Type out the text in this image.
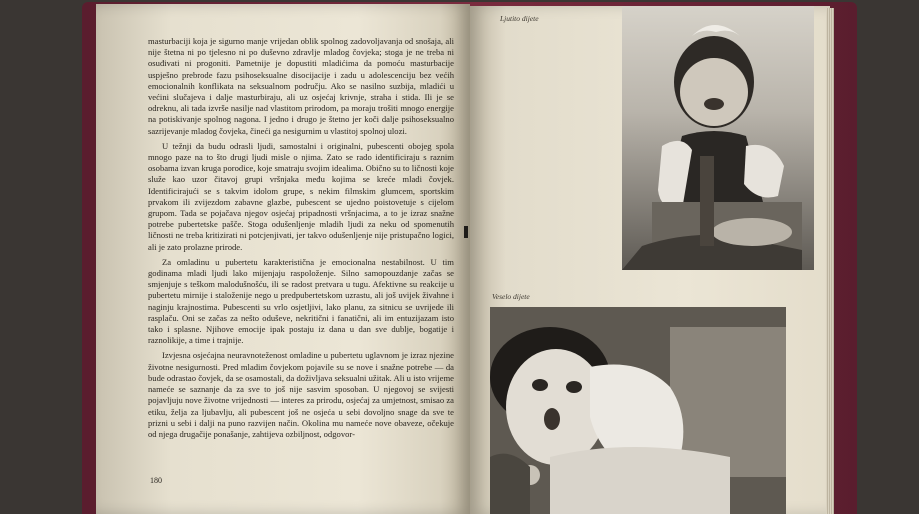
masturbaciji koja je sigurno manje vrijedan oblik spolnog zadovoljavanja od snošaja, ali nije štetna ni po tjelesno ni po duševno zdravlje mladog čovjeka; stoga je ne treba ni osuđivati ni progoniti. Pametnije je dopustiti mladićima da pomoću masturbacije uspješno prebrode fazu psihoseksualne disocijacije i zadu u adolescenciju bez većih emocionalnih konflikata na seksualnom području. Ako se nasilno suzbija, mladići u većini slučajeva i dalje masturbiraju, ali uz osjećaj krivnje, straha i stida. Ili je se odreknu, ali tada izvrše nasilje nad vlastitom prirodom, pa moraju trošiti mnogo energije na potiskivanje spolnog nagona. I jedno i drugo je štetno jer koči dalje psihoseksualno sazrijevanje mladog čovjeka, čineći ga nesigurnim u vlastitoj spolnoj ulozi.

U težnji da budu odrasli ljudi, samostalni i originalni, pubescenti obojeg spola mnogo paze na to što drugi ljudi misle o njima. Zato se rado identificiraju s raznim osobama izvan kruga porodice, koje smatraju svojim idealima. Obično su to ličnosti koje služe kao uzor čitavoj grupi vršnjaka među kojima se kreće mladi čovjek. Identificirajući se s takvim idolom grupe, s nekim filmskim glumcem, sportskim prvakom ili zvijezdom zabavne glazbe, pubescent se ujedno poistovetuje s cijelom grupom. Tada se pojačava njegov osjećaj pripadnosti vršnjacima, a to je izraz snažne potrebe pubertetske pašče. Stoga odušenljenje mladih ljudi za neku od spomenutih ličnosti ne treba kritizirati ni potcjenjivati, jer takvo odušenljenje nije pristupačno logici, ali je zato prolazne prirode.

Za omladinu u pubertetu karakteristična je emocionalna nestabilnost. U tim godinama mladi ljudi lako mijenjaju raspoloženje. Silno samopouzdanje začas se smjenjuje s teškom malodušnošću, ili se radost pretvara u tugu. Afektivne su reakcije u pubertetu mirnije i staloženije nego u predpubertetskom uzrastu, ali još uvijek živahne i naginju krajnostima. Pubescenti su vrlo osjetljivi, lako planu, za sitnicu se uvrijede ili rasplaču. Oni se začas za nešto oduševe, nekritični i fanatični, ali im entuzijazam isto tako i splasne. Njihove emocije ipak postaju iz dana u dan sve dublje, bogatije i raznolikije, a time i trajnije.

Izvjesna osjećajna neuravnoteženost omladine u pubertetu uglavnom je izraz njezine životne nesigurnosti. Pred mladim čovjekom pojavile su se nove i snažne potrebe — da bude odrastao čovjek, da se osamostali, da doživljava seksualni užitak. Ali u isto vrijeme nameće se saznanje da za sve to još nije sasvim sposoban. U njegovoj se svijesti pojavljuju nove životne vrijednosti — interes za prirodu, osjećaj za umjetnost, smisao za etiku, želja za ljubavlju, ali pubescent još ne osjeća u sebi dovoljno snage da sve te prizni u sebi i dalji na puno razvijen način. Okolina mu nameće nove obaveze, očekuje od njega drugačije ponašanje, zahtijeva ozbiljnost, odgovor-

180
Ljutito dijete
Veselo dijete
